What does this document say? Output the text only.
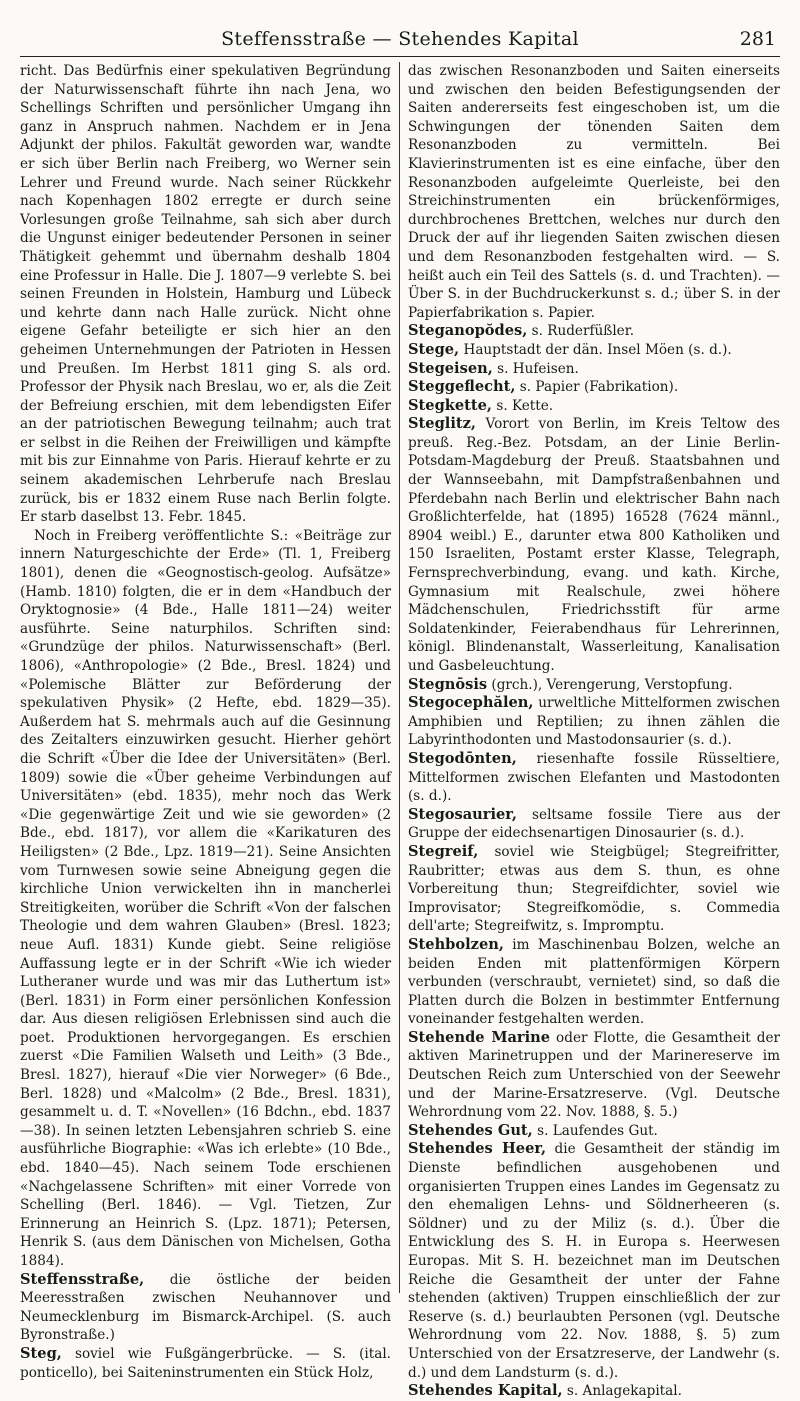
Steffensstraße — Stehendes Kapital	281

richt. Das Bedürfnis einer spekulativen Begründung der Naturwissenschaft führte ihn nach Jena, wo Schellings Schriften und persönlicher Umgang ihn ganz in Anspruch nahmen. Nachdem er in Jena Adjunkt der philos. Fakultät geworden war, wandte er sich über Berlin nach Freiberg, wo Werner sein Lehrer und Freund wurde. Nach seiner Rückkehr nach Kopenhagen 1802 erregte er durch seine Vorlesungen große Teilnahme, sah sich aber durch die Ungunst einiger bedeutender Personen in seiner Thätigkeit gehemmt und übernahm deshalb 1804 eine Professur in Halle. Die J. 1807—9 verlebte S. bei seinen Freunden in Holstein, Hamburg und Lübeck und kehrte dann nach Halle zurück. Nicht ohne eigene Gefahr beteiligte er sich hier an den geheimen Unternehmungen der Patrioten in Hessen und Preußen. Im Herbst 1811 ging S. als ord. Professor der Physik nach Breslau, wo er, als die Zeit der Befreiung erschien, mit dem lebendigsten Eifer an der patriotischen Bewegung teilnahm; auch trat er selbst in die Reihen der Freiwilligen und kämpfte mit bis zur Einnahme von Paris. Hierauf kehrte er zu seinem akademischen Lehrberufe nach Breslau zurück, bis er 1832 einem Ruse nach Berlin folgte. Er starb daselbst 13. Febr. 1845.

Noch in Freiberg veröffentlichte S.: «Beiträge zur innern Naturgeschichte der Erde» (Tl. 1, Freiberg 1801), denen die «Geognostisch-geolog. Aufsätze» (Hamb. 1810) folgten, die er in dem «Handbuch der Oryktognosie» (4 Bde., Halle 1811—24) weiter ausführte. Seine naturphilos. Schriften sind: «Grundzüge der philos. Naturwissenschaft» (Berl. 1806), «Anthropologie» (2 Bde., Bresl. 1824) und «Polemische Blätter zur Beförderung der spekulativen Physik» (2 Hefte, ebd. 1829—35). Außerdem hat S. mehrmals auch auf die Gesinnung des Zeitalters einzuwirken gesucht. Hierher gehört die Schrift «Über die Idee der Universitäten» (Berl. 1809) sowie die «Über geheime Verbindungen auf Universitäten» (ebd. 1835), mehr noch das Werk «Die gegenwärtige Zeit und wie sie geworden» (2 Bde., ebd. 1817), vor allem die «Karikaturen des Heiligsten» (2 Bde., Lpz. 1819—21). Seine Ansichten vom Turnwesen sowie seine Abneigung gegen die kirchliche Union verwickelten ihn in mancherlei Streitigkeiten, worüber die Schrift «Von der falschen Theologie und dem wahren Glauben» (Bresl. 1823; neue Aufl. 1831) Kunde giebt. Seine religiöse Auffassung legte er in der Schrift «Wie ich wieder Lutheraner wurde und was mir das Luthertum ist» (Berl. 1831) in Form einer persönlichen Konfession dar. Aus diesen religiösen Erlebnissen sind auch die poet. Produktionen hervorgegangen. Es erschien zuerst «Die Familien Walseth und Leith» (3 Bde., Bresl. 1827), hierauf «Die vier Norweger» (6 Bde., Berl. 1828) und «Malcolm» (2 Bde., Bresl. 1831), gesammelt u. d. T. «Novellen» (16 Bdchn., ebd. 1837—38). In seinen letzten Lebensjahren schrieb S. eine ausführliche Biographie: «Was ich erlebte» (10 Bde., ebd. 1840—45). Nach seinem Tode erschienen «Nachgelassene Schriften» mit einer Vorrede von Schelling (Berl. 1846). — Vgl. Tietzen, Zur Erinnerung an Heinrich S. (Lpz. 1871); Petersen, Henrik S. (aus dem Dänischen von Michelsen, Gotha 1884).

Steffensstraße, die östliche der beiden Meeresstraßen zwischen Neuhannover und Neumecklenburg im Bismarck-Archipel. (S. auch Byronstraße.)

Steg, soviel wie Fußgängerbrücke. — S. (ital. ponticello), bei Saiteninstrumenten ein Stück Holz,

das zwischen Resonanzboden und Saiten einerseits und zwischen den beiden Befestigungsenden der Saiten andererseits fest eingeschoben ist, um die Schwingungen der tönenden Saiten dem Resonanzboden zu vermitteln. Bei Klavierinstrumenten ist es eine einfache, über den Resonanzboden aufgeleimte Querleiste, bei den Streichinstrumenten ein brückenförmiges, durchbrochenes Brettchen, welches nur durch den Druck der auf ihr liegenden Saiten zwischen diesen und dem Resonanzboden festgehalten wird. — S. heißt auch ein Teil des Sattels (s. d. und Trachten). — Über S. in der Buchdruckerkunst s. d.; über S. in der Papierfabrikation s. Papier.

Steganopŏdes, s. Ruderfüßler.

Stege, Hauptstadt der dän. Insel Möen (s. d.).

Stegeisen, s. Hufeisen.

Steggeflecht, s. Papier (Fabrikation).

Stegkette, s. Kette.

Steglitz, Vorort von Berlin, im Kreis Teltow des preuß. Reg.-Bez. Potsdam, an der Linie Berlin-Potsdam-Magdeburg der Preuß. Staatsbahnen und der Wannseebahn, mit Dampfstraßenbahnen und Pferdebahn nach Berlin und elektrischer Bahn nach Großlichterfelde, hat (1895) 16528 (7624 männl., 8904 weibl.) E., darunter etwa 800 Katholiken und 150 Israeliten, Postamt erster Klasse, Telegraph, Fernsprechverbindung, evang. und kath. Kirche, Gymnasium mit Realschule, zwei höhere Mädchenschulen, Friedrichsstift für arme Soldatenkinder, Feierabendhaus für Lehrerinnen, königl. Blindenanstalt, Wasserleitung, Kanalisation und Gasbeleuchtung.

Stegnōsis (grch.), Verengerung, Verstopfung.

Stegocephălen, urweltliche Mittelformen zwischen Amphibien und Reptilien; zu ihnen zählen die Labyrinthodonten und Mastodonsaurier (s. d.).

Stegodōnten, riesenhafte fossile Rüsseltiere, Mittelformen zwischen Elefanten und Mastodonten (s. d.).

Stegosaurier, seltsame fossile Tiere aus der Gruppe der eidechsenartigen Dinosaurier (s. d.).

Stegreif, soviel wie Steigbügel; Stegreifritter, Raubritter; etwas aus dem S. thun, es ohne Vorbereitung thun; Stegreifdichter, soviel wie Improvisator; Stegreifkomödie, s. Commedia dell'arte; Stegreifwitz, s. Impromptu.

Stehbolzen, im Maschinenbau Bolzen, welche an beiden Enden mit plattenförmigen Körpern verbunden (verschraubt, vernietet) sind, so daß die Platten durch die Bolzen in bestimmter Entfernung voneinander festgehalten werden.

Stehende Marine oder Flotte, die Gesamtheit der aktiven Marinetruppen und der Marinereserve im Deutschen Reich zum Unterschied von der Seewehr und der Marine-Ersatzreserve. (Vgl. Deutsche Wehrordnung vom 22. Nov. 1888, §. 5.)

Stehendes Gut, s. Laufendes Gut.

Stehendes Heer, die Gesamtheit der ständig im Dienste befindlichen ausgehobenen und organisierten Truppen eines Landes im Gegensatz zu den ehemaligen Lehns- und Söldnerheeren (s. Söldner) und zu der Miliz (s. d.). Über die Entwicklung des S. H. in Europa s. Heerwesen Europas. Mit S. H. bezeichnet man im Deutschen Reiche die Gesamtheit der unter der Fahne stehenden (aktiven) Truppen einschließlich der zur Reserve (s. d.) beurlaubten Personen (vgl. Deutsche Wehrordnung vom 22. Nov. 1888, §. 5) zum Unterschied von der Ersatzreserve, der Landwehr (s. d.) und dem Landsturm (s. d.).

Stehendes Kapital, s. Anlagekapital.
